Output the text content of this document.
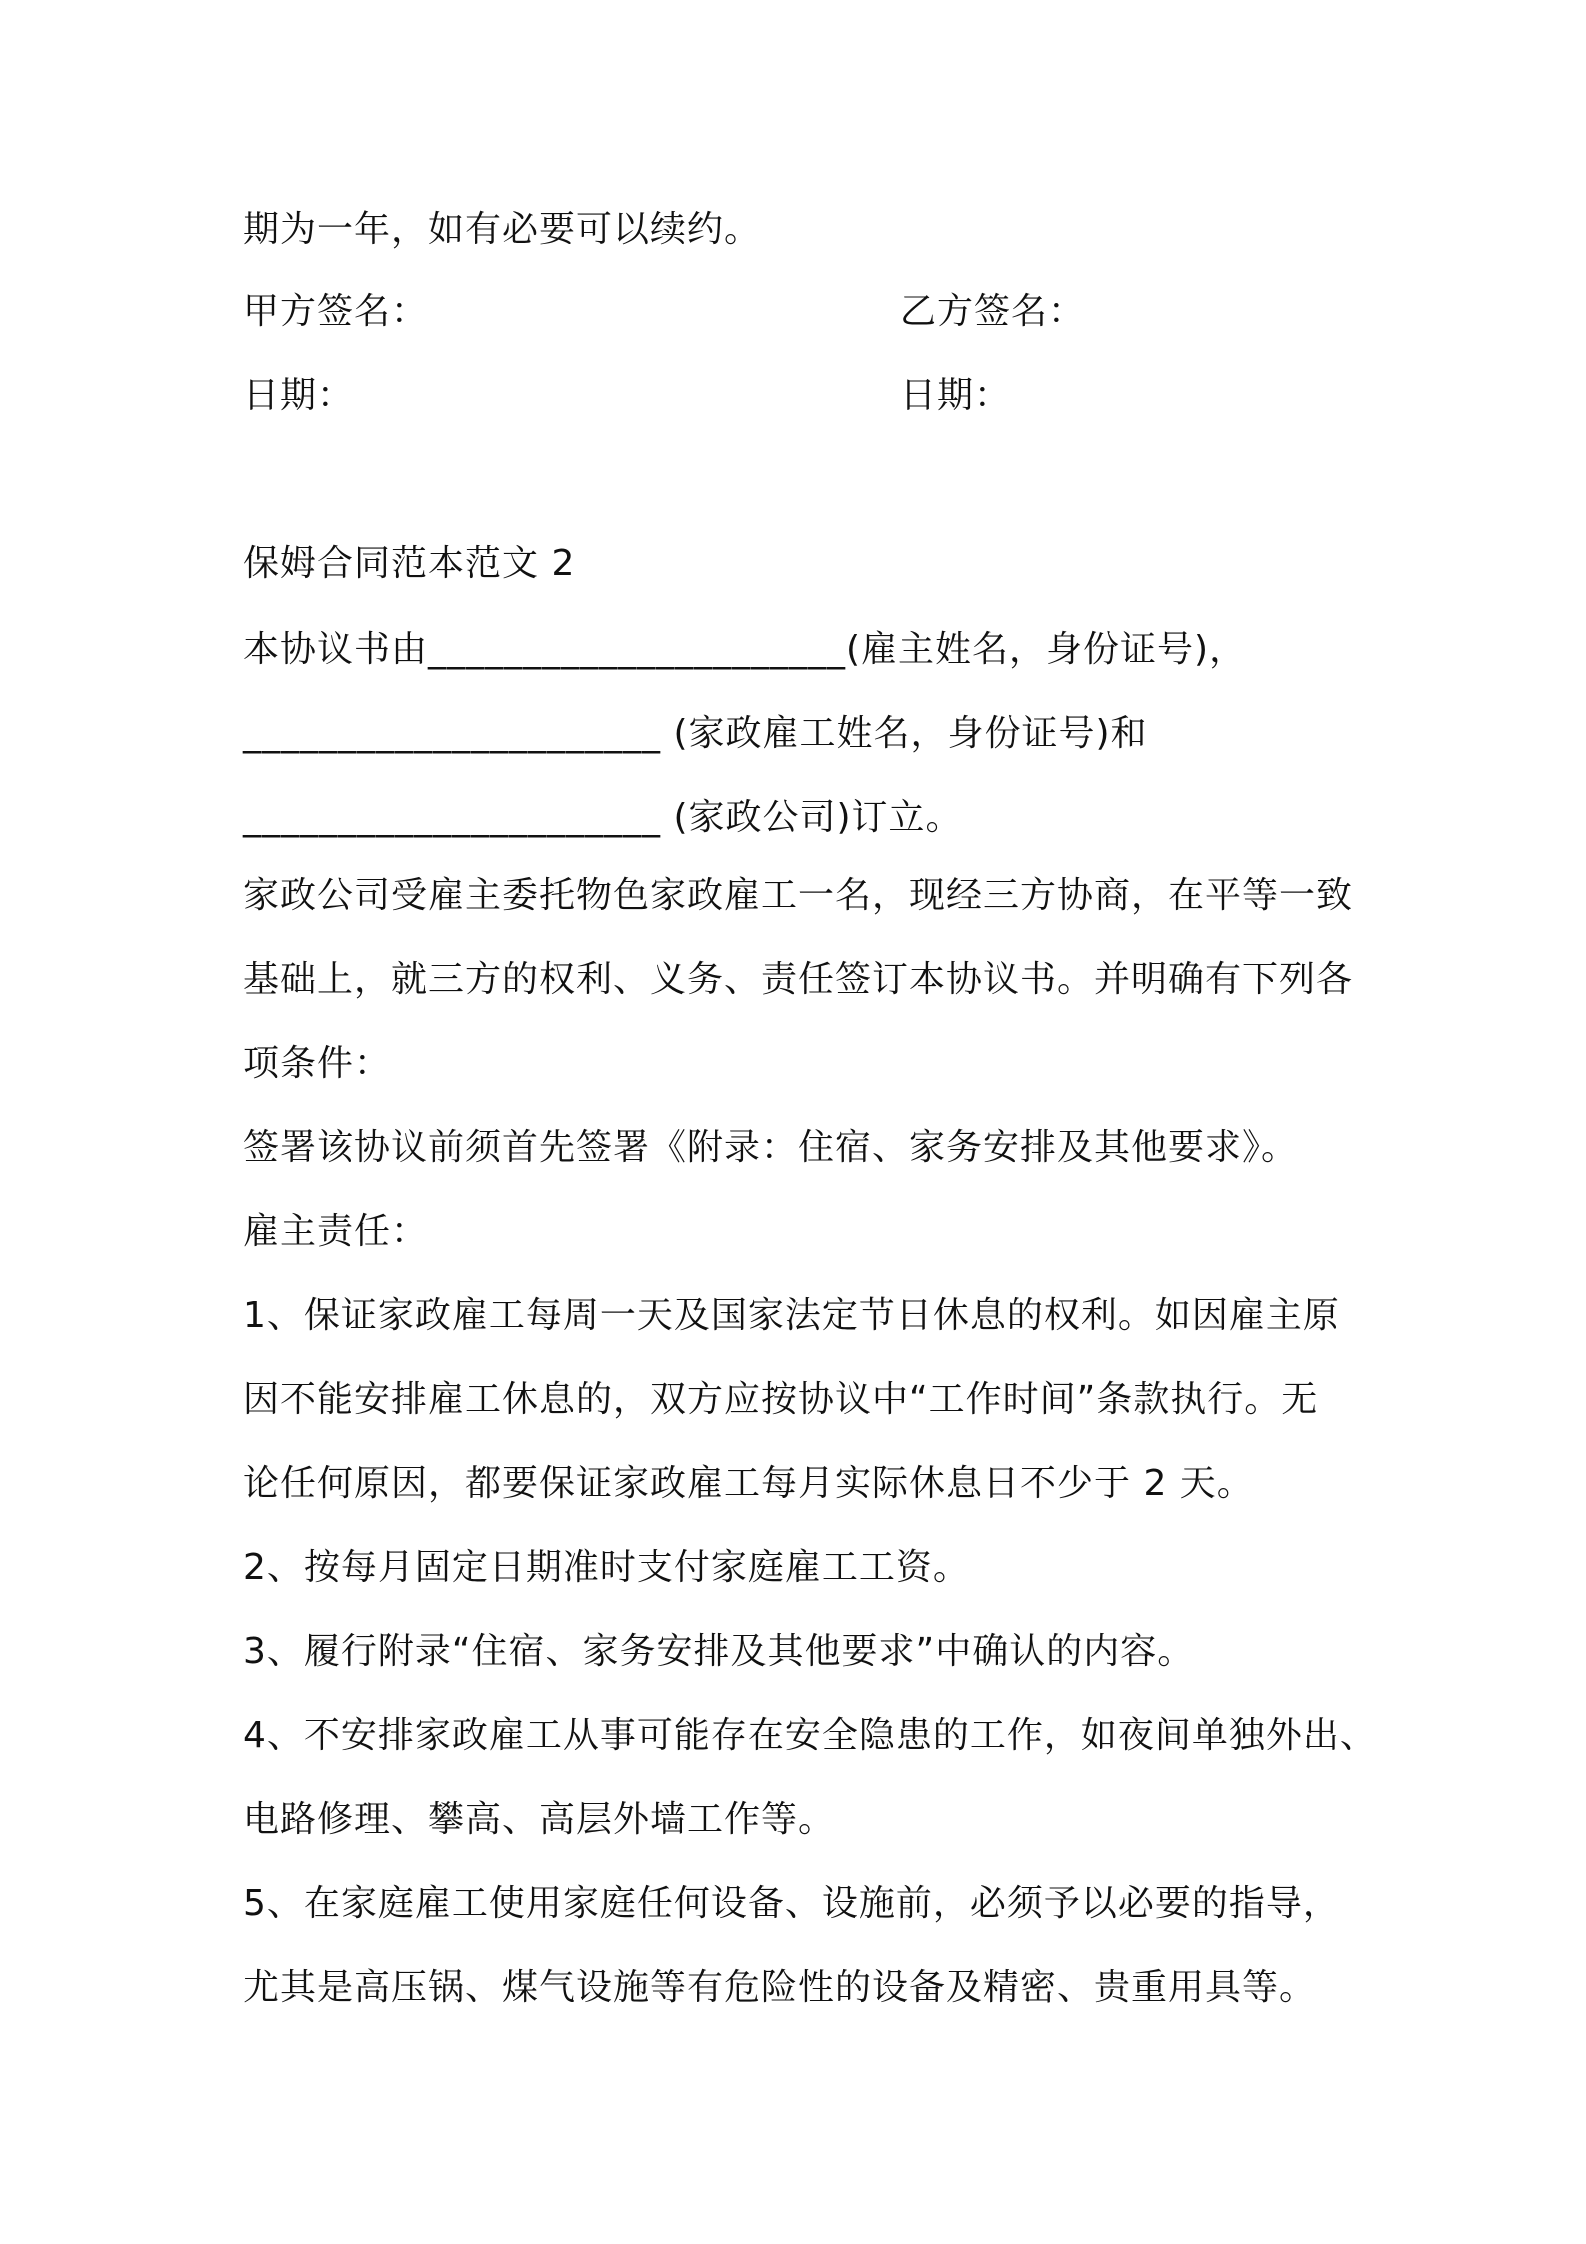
期为一年，如有必要可以续约。
甲方签名：	乙方签名：
日期：	日期：
保姆合同范本范文 2
本协议书由______________________(雇主姓名，身份证号)，
______________________ (家政雇工姓名，身份证号)和
______________________ (家政公司)订立。
家政公司受雇主委托物色家政雇工一名，现经三方协商，在平等一致
基础上，就三方的权利、义务、责任签订本协议书。并明确有下列各
项条件：
签署该协议前须首先签署《附录：住宿、家务安排及其他要求》。
雇主责任：
1、保证家政雇工每周一天及国家法定节日休息的权利。如因雇主原
因不能安排雇工休息的，双方应按协议中“工作时间”条款执行。无
论任何原因，都要保证家政雇工每月实际休息日不少于 2 天。
2、按每月固定日期准时支付家庭雇工工资。
3、履行附录“住宿、家务安排及其他要求”中确认的内容。
4、不安排家政雇工从事可能存在安全隐患的工作，如夜间单独外出、
电路修理、攀高、高层外墙工作等。
5、在家庭雇工使用家庭任何设备、设施前，必须予以必要的指导，
尤其是高压锅、煤气设施等有危险性的设备及精密、贵重用具等。
